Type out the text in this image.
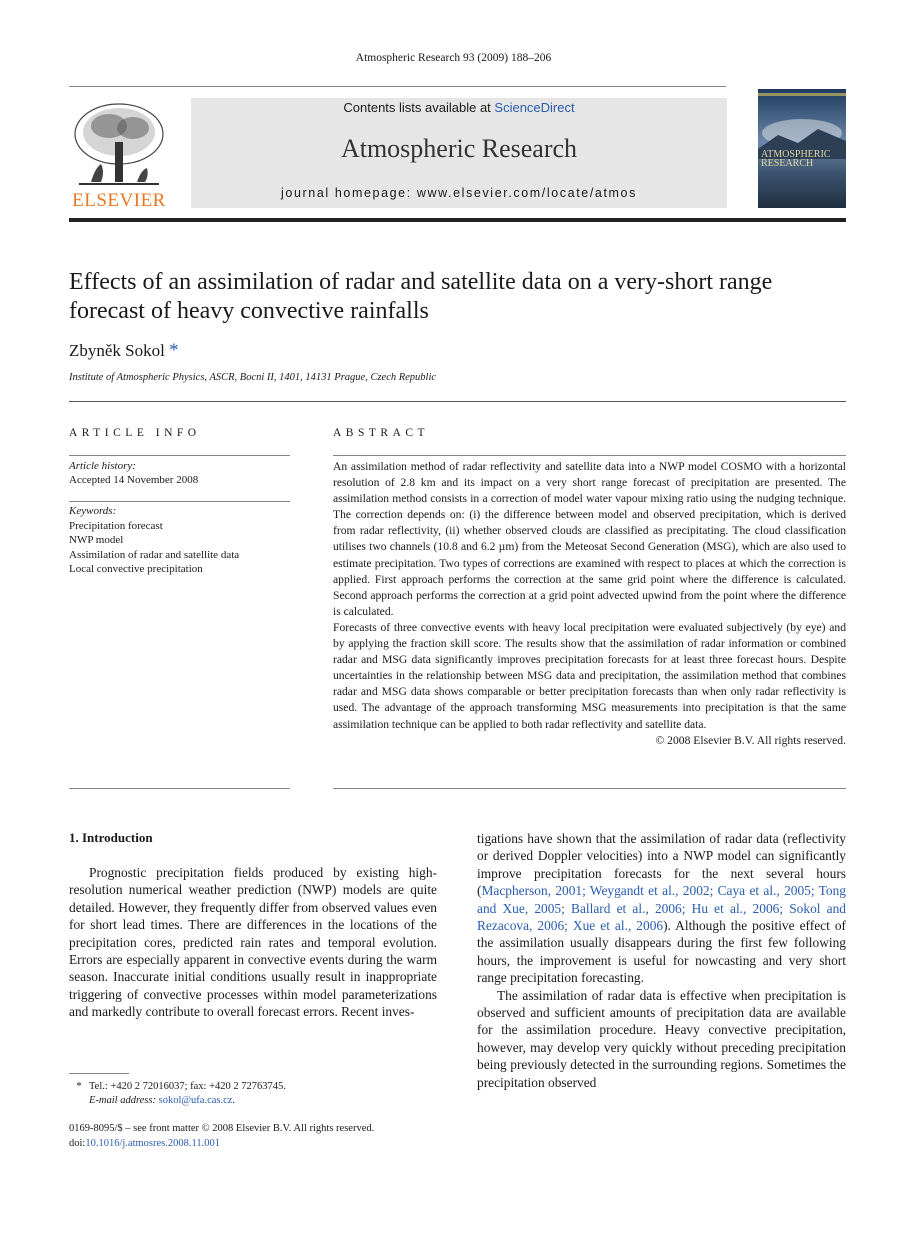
Atmospheric Research 93 (2009) 188–206
ELSEVIER
Contents lists available at ScienceDirect
Atmospheric Research
journal homepage: www.elsevier.com/locate/atmos
ATMOSPHERIC
RESEARCH
Effects of an assimilation of radar and satellite data on a very-short range forecast of heavy convective rainfalls
Zbyněk Sokol *
Institute of Atmospheric Physics, ASCR, Bocni II, 1401, 14131 Prague, Czech Republic
ARTICLE INFO
Article history:
Accepted 14 November 2008
Keywords:
Precipitation forecast
NWP model
Assimilation of radar and satellite data
Local convective precipitation
ABSTRACT

An assimilation method of radar reflectivity and satellite data into a NWP model COSMO with a horizontal resolution of 2.8 km and its impact on a very short range forecast of precipitation are presented. The assimilation method consists in a correction of model water vapour mixing ratio using the nudging technique. The correction depends on: (i) the difference between model and observed precipitation, which is derived from radar reflectivity, (ii) whether observed clouds are classified as precipitating. The cloud classification utilises two channels (10.8 and 6.2 µm) from the Meteosat Second Generation (MSG), which are also used to estimate precipitation. Two types of corrections are examined with respect to places at which the correction is applied. First approach performs the correction at the same grid point where the difference is calculated. Second approach performs the correction at a grid point advected upwind from the point where the difference is calculated.

Forecasts of three convective events with heavy local precipitation were evaluated subjectively (by eye) and by applying the fraction skill score. The results show that the assimilation of radar information or combined radar and MSG data significantly improves precipitation forecasts for at least three forecast hours. Despite uncertainties in the relationship between MSG data and precipitation, the assimilation method that combines radar and MSG data shows comparable or better precipitation forecasts than when only radar reflectivity is used. The advantage of the approach transforming MSG measurements into precipitation is that the same assimilation technique can be applied to both radar reflectivity and satellite data.

© 2008 Elsevier B.V. All rights reserved.

1. Introduction

Prognostic precipitation fields produced by existing high-resolution numerical weather prediction (NWP) models are quite detailed. However, they frequently differ from observed values even for short lead times. There are differences in the locations of the precipitation cores, predicted rain rates and temporal evolution. Errors are especially apparent in convective events during the warm season. Inaccurate initial conditions usually result in inappropriate triggering of convective processes within model parameterizations and markedly contribute to overall forecast errors. Recent inves-

tigations have shown that the assimilation of radar data (reflectivity or derived Doppler velocities) into a NWP model can significantly improve precipitation forecasts for the next several hours (Macpherson, 2001; Weygandt et al., 2002; Caya et al., 2005; Tong and Xue, 2005; Ballard et al., 2006; Hu et al., 2006; Sokol and Rezacova, 2006; Xue et al., 2006). Although the positive effect of the assimilation usually disappears during the first few following hours, the improvement is useful for nowcasting and very short range precipitation forecasting.

The assimilation of radar data is effective when precipitation is observed and sufficient amounts of precipitation data are available for the assimilation procedure. Heavy convective precipitation, however, may develop very quickly without preceding precipitation being previously detected in the surrounding regions. Sometimes the precipitation observed

* Tel.: +420 2 72016037; fax: +420 2 72763745.
E-mail address: sokol@ufa.cas.cz.
0169-8095/$ – see front matter © 2008 Elsevier B.V. All rights reserved.
doi:10.1016/j.atmosres.2008.11.001
